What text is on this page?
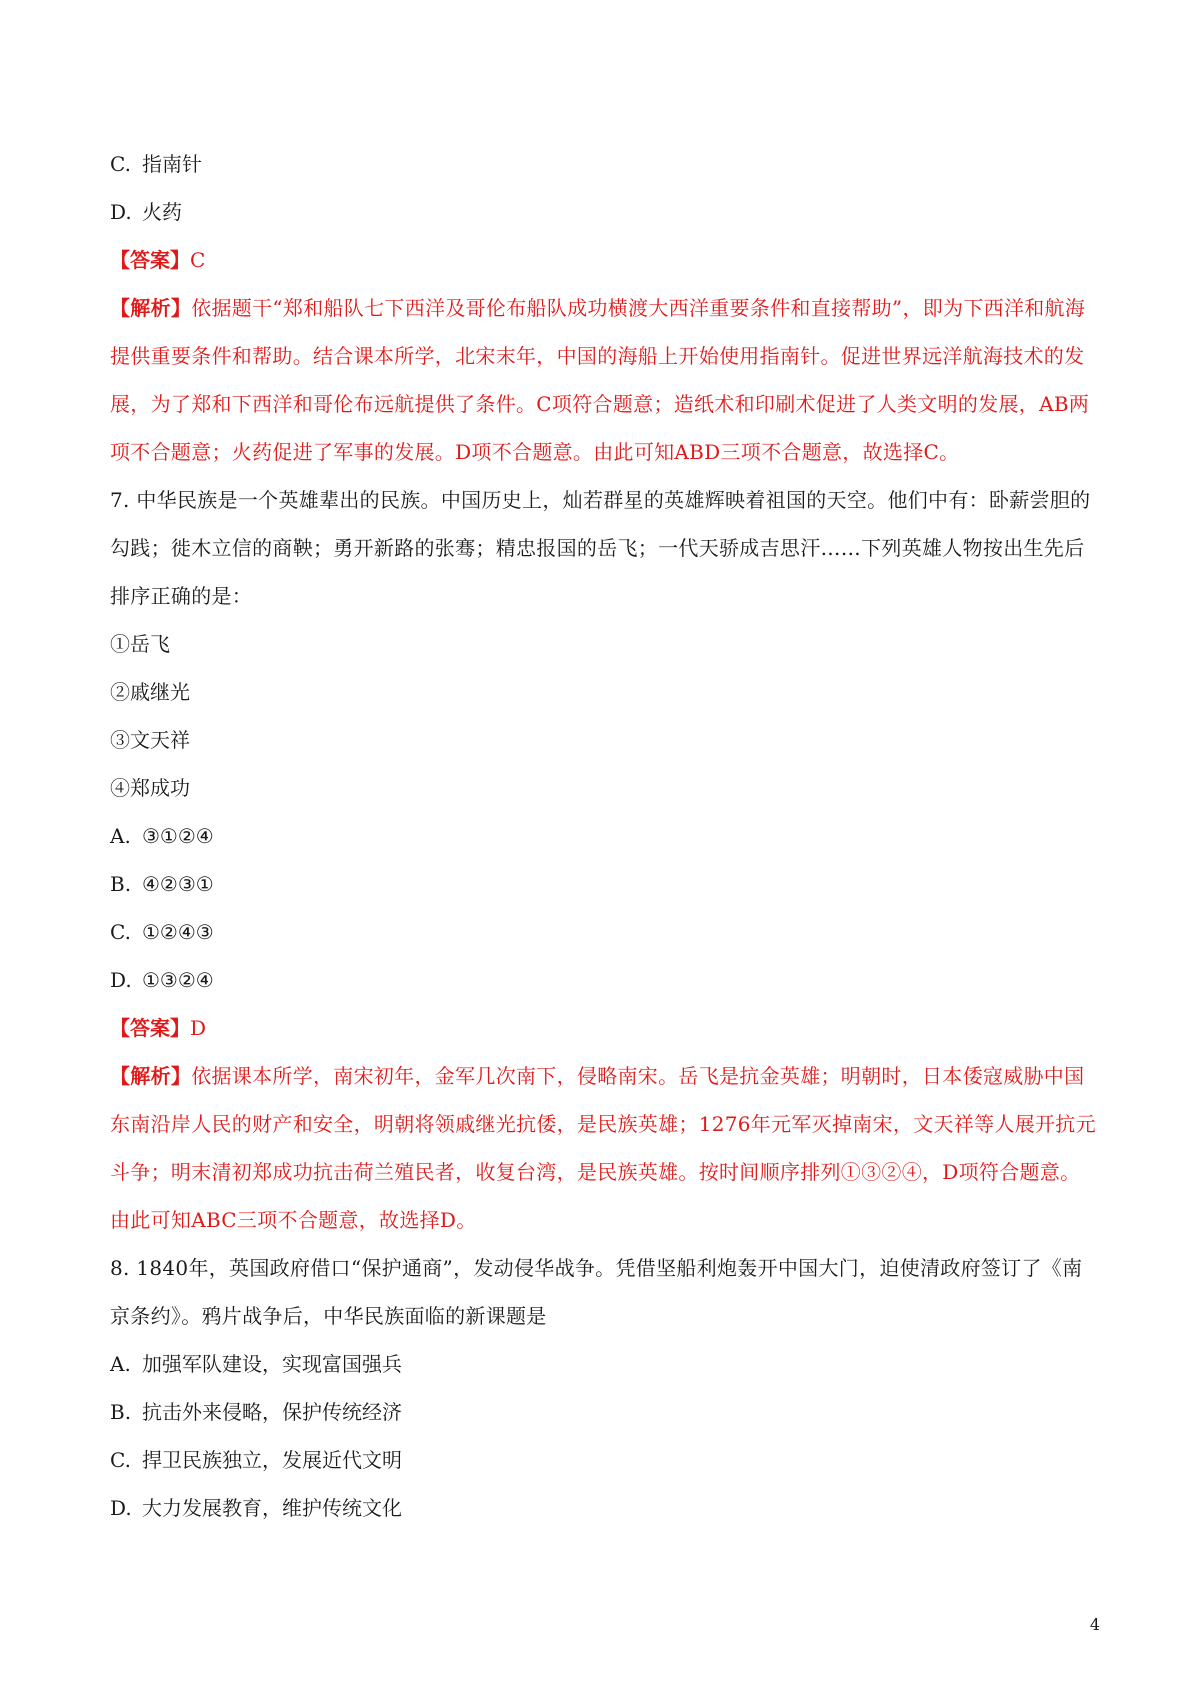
C. 指南针
D. 火药
【答案】C
【解析】依据题干“郑和船队七下西洋及哥伦布船队成功横渡大西洋重要条件和直接帮助”，即为下西洋和航海提供重要条件和帮助。结合课本所学，北宋末年，中国的海船上开始使用指南针。促进世界远洋航海技术的发展，为了郑和下西洋和哥伦布远航提供了条件。C项符合题意；造纸术和印刷术促进了人类文明的发展，AB两项不合题意；火药促进了军事的发展。D项不合题意。由此可知ABD三项不合题意，故选择C。
7. 中华民族是一个英雄辈出的民族。中国历史上，灿若群星的英雄辉映着祖国的天空。他们中有：卧薪尝胆的勾践；徙木立信的商鞅；勇开新路的张骞；精忠报国的岳飞；一代天骄成吉思汗……下列英雄人物按出生先后排序正确的是：
①岳飞
②戚继光
③文天祥
④郑成功
A. ③①②④
B. ④②③①
C. ①②④③
D. ①③②④
【答案】D
【解析】依据课本所学，南宋初年，金军几次南下，侵略南宋。岳飞是抗金英雄；明朝时，日本倭寇威胁中国东南沿岸人民的财产和安全，明朝将领戚继光抗倭，是民族英雄；1276年元军灭掉南宋，文天祥等人展开抗元斗争；明末清初郑成功抗击荷兰殖民者，收复台湾，是民族英雄。按时间顺序排列①③②④，D项符合题意。由此可知ABC三项不合题意，故选择D。
8. 1840年，英国政府借口“保护通商”，发动侵华战争。凭借坚船利炮轰开中国大门，迫使清政府签订了《南京条约》。鸦片战争后，中华民族面临的新课题是
A. 加强军队建设，实现富国强兵
B. 抗击外来侵略，保护传统经济
C. 捍卫民族独立，发展近代文明
D. 大力发展教育，维护传统文化
4
